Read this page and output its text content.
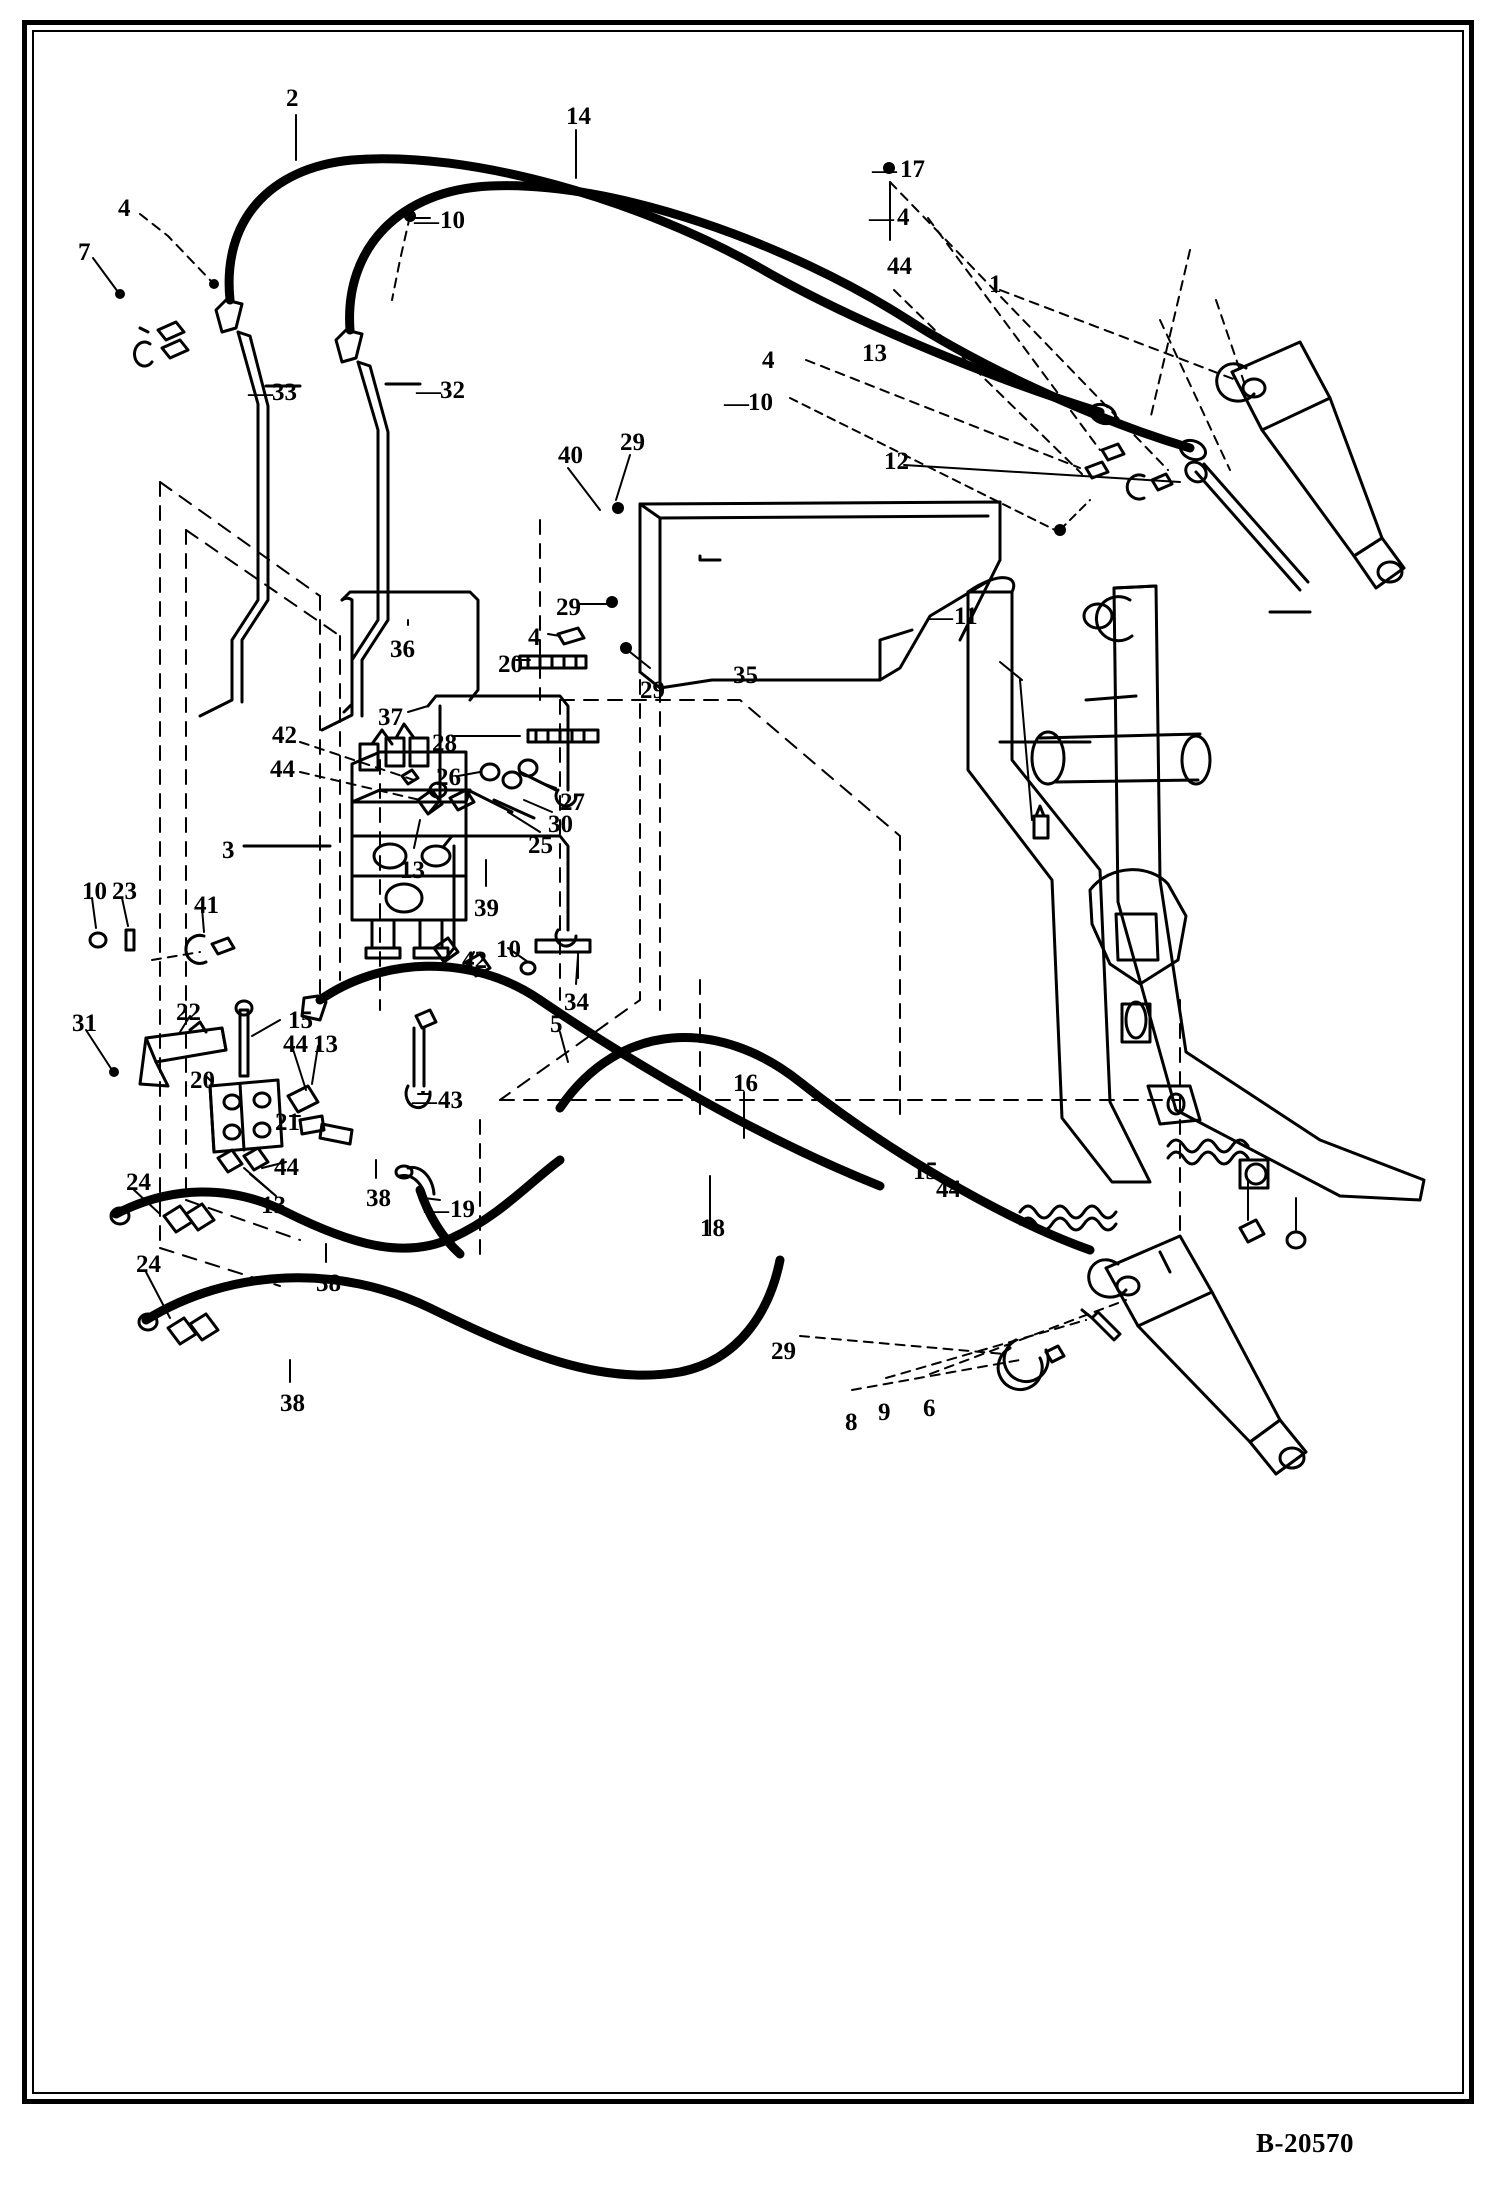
2
14
17
4	10	4
7
44
1
4	13
33	32	10
12
40 29
11
29
4
36
20
29
35
37
28
42
44	26
27
30
25
3
13
39
10 23
41
22
31
42 10
34
5
15
44 13
20
21
43
16
44
13
24
38 19
18
15
44
24
38
38
29
8 9 6
—
—	—
—
—
—
—
—
—
B-20570
